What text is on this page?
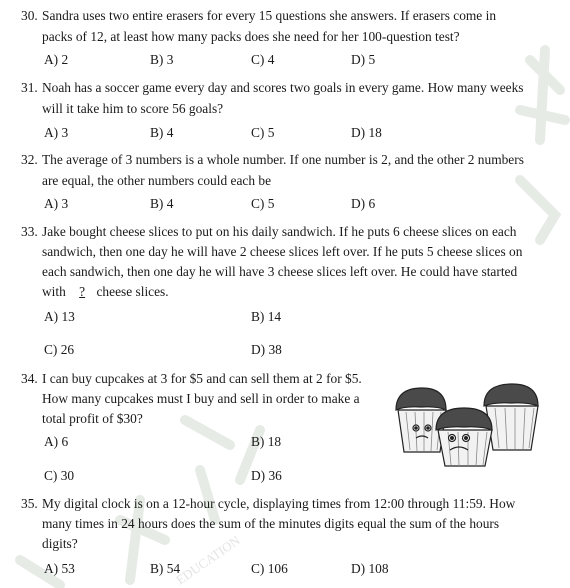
EDUCATION
30. Sandra uses two entire erasers for every 15 questions she answers. If erasers come in
packs of 12, at least how many packs does she need for her 100-question test?
A) 2	B) 3	C) 4	D) 5
31. Noah has a soccer game every day and scores two goals in every game. How many weeks
will it take him to score 56 goals?
A) 3	B) 4	C) 5	D) 18
32. The average of 3 numbers is a whole number. If one number is 2, and the other 2 numbers
are equal, the other numbers could each be
A) 3	B) 4	C) 5	D) 6
33. Jake bought cheese slices to put on his daily sandwich. If he puts 6 cheese slices on each
sandwich, then one day he will have 2 cheese slices left over. If he puts 5 cheese slices on
each sandwich, then one day he will have 3 cheese slices left over. He could have started
with ? cheese slices.
A) 13	B) 14
C) 26	D) 38
34. I can buy cupcakes at 3 for $5 and can sell them at 2 for $5.
How many cupcakes must I buy and sell in order to make a
total profit of $30?
A) 6	B) 18
C) 30	D) 36
35. My digital clock is on a 12-hour cycle, displaying times from 12:00 through 11:59. How
many times in 24 hours does the sum of the minutes digits equal the sum of the hours
digits?
A) 53	B) 54	C) 106	D) 108
